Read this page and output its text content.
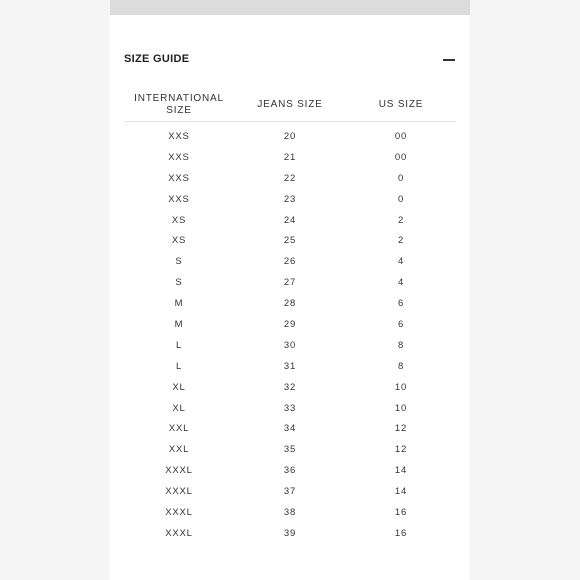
SIZE GUIDE
INTERNATIONAL SIZE	JEANS SIZE	US SIZE
XXS	20	00
XXS	21	00
XXS	22	0
XXS	23	0
XS	24	2
XS	25	2
S	26	4
S	27	4
M	28	6
M	29	6
L	30	8
L	31	8
XL	32	10
XL	33	10
XXL	34	12
XXL	35	12
XXXL	36	14
XXXL	37	14
XXXL	38	16
XXXL	39	16
